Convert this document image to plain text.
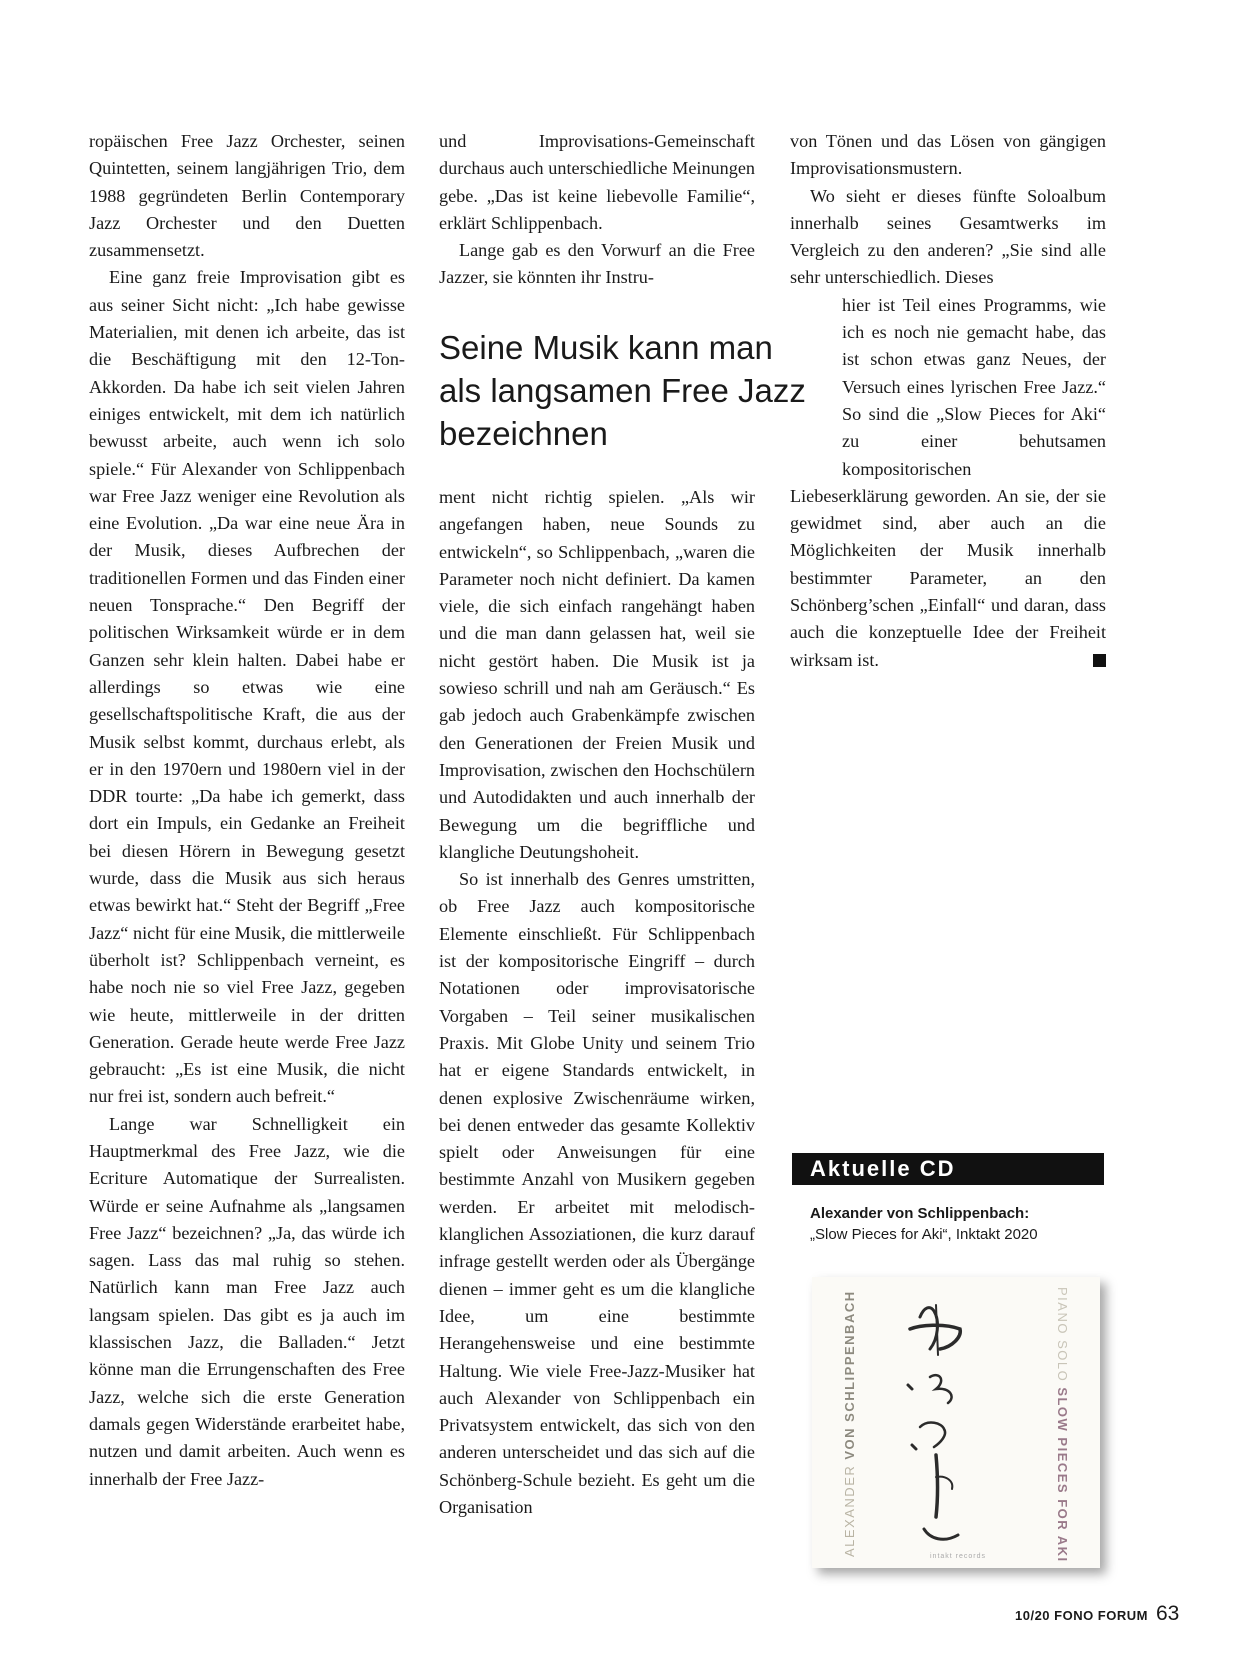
ropäischen Free Jazz Orchester, seinen Quintetten, seinem langjährigen Trio, dem 1988 gegründeten Berlin Contemporary Jazz Orchester und den Duetten zusammensetzt.

Eine ganz freie Improvisation gibt es aus seiner Sicht nicht: „Ich habe gewisse Materialien, mit denen ich arbeite, das ist die Beschäftigung mit den 12-Ton-Akkorden. Da habe ich seit vielen Jahren einiges entwickelt, mit dem ich natürlich bewusst arbeite, auch wenn ich solo spiele.“ Für Alexander von Schlippenbach war Free Jazz weniger eine Revolution als eine Evolution. „Da war eine neue Ära in der Musik, dieses Aufbrechen der traditionellen Formen und das Finden einer neuen Tonsprache.“ Den Begriff der politischen Wirksamkeit würde er in dem Ganzen sehr klein halten. Dabei habe er allerdings so etwas wie eine gesellschaftspolitische Kraft, die aus der Musik selbst kommt, durchaus erlebt, als er in den 1970ern und 1980ern viel in der DDR tourte: „Da habe ich gemerkt, dass dort ein Impuls, ein Gedanke an Freiheit bei diesen Hörern in Bewegung gesetzt wurde, dass die Musik aus sich heraus etwas bewirkt hat.“ Steht der Begriff „Free Jazz“ nicht für eine Musik, die mittlerweile überholt ist? Schlippenbach verneint, es habe noch nie so viel Free Jazz, gegeben wie heute, mittlerweile in der dritten Generation. Gerade heute werde Free Jazz gebraucht: „Es ist eine Musik, die nicht nur frei ist, sondern auch befreit.“

Lange war Schnelligkeit ein Hauptmerkmal des Free Jazz, wie die Ecriture Automatique der Surrealisten. Würde er seine Aufnahme als „langsamen Free Jazz“ bezeichnen? „Ja, das würde ich sagen. Lass das mal ruhig so stehen. Natürlich kann man Free Jazz auch langsam spielen. Das gibt es ja auch im klassischen Jazz, die Balladen.“ Jetzt könne man die Errungenschaften des Free Jazz, welche sich die erste Generation damals gegen Widerstände erarbeitet habe, nutzen und damit arbeiten. Auch wenn es innerhalb der Free Jazz-

und Improvisations-Gemeinschaft durchaus auch unterschiedliche Meinungen gebe. „Das ist keine liebevolle Familie“, erklärt Schlippenbach.

Lange gab es den Vorwurf an die Free Jazzer, sie könnten ihr Instru-

Seine Musik kann man als langsamen Free Jazz bezeichnen

ment nicht richtig spielen. „Als wir angefangen haben, neue Sounds zu entwickeln“, so Schlippenbach, „waren die Parameter noch nicht definiert. Da kamen viele, die sich einfach rangehängt haben und die man dann gelassen hat, weil sie nicht gestört haben. Die Musik ist ja sowieso schrill und nah am Geräusch.“ Es gab jedoch auch Grabenkämpfe zwischen den Generationen der Freien Musik und Improvisation, zwischen den Hochschülern und Autodidakten und auch innerhalb der Bewegung um die begriffliche und klangliche Deutungshoheit.

So ist innerhalb des Genres umstritten, ob Free Jazz auch kompositorische Elemente einschließt. Für Schlippenbach ist der kompositorische Eingriff – durch Notationen oder improvisatorische Vorgaben – Teil seiner musikalischen Praxis. Mit Globe Unity und seinem Trio hat er eigene Standards entwickelt, in denen explosive Zwischenräume wirken, bei denen entweder das gesamte Kollektiv spielt oder Anweisungen für eine bestimmte Anzahl von Musikern gegeben werden. Er arbeitet mit melodisch-klanglichen Assoziationen, die kurz darauf infrage gestellt werden oder als Übergänge dienen – immer geht es um die klangliche Idee, um eine bestimmte Herangehensweise und eine bestimmte Haltung. Wie viele Free-Jazz-Musiker hat auch Alexander von Schlippenbach ein Privatsystem entwickelt, das sich von den anderen unterscheidet und das sich auf die Schönberg-Schule bezieht. Es geht um die Organisation

von Tönen und das Lösen von gängigen Improvisationsmustern.

Wo sieht er dieses fünfte Soloalbum innerhalb seines Gesamtwerks im Vergleich zu den anderen? „Sie sind alle sehr unterschiedlich. Dieses

hier ist Teil eines Programms, wie ich es noch nie gemacht habe, das ist schon etwas ganz Neues, der Versuch eines lyrischen Free Jazz.“ So sind die „Slow Pieces for Aki“ zu einer behutsamen kompositorischen
Liebeserklärung geworden. An sie, der sie gewidmet sind, aber auch an die Möglichkeiten der Musik innerhalb bestimmter Parameter, an den Schönberg’schen „Einfall“ und daran, dass auch die konzeptuelle Idee der Freiheit wirksam ist.
Aktuelle CD
Alexander von Schlippenbach:
„Slow Pieces for Aki“, Inktakt 2020
ALEXANDER VON SCHLIPPENBACH	PIANO SOLO SLOW PIECES FOR AKI
intakt records
10/20 FONO FORUM 63
